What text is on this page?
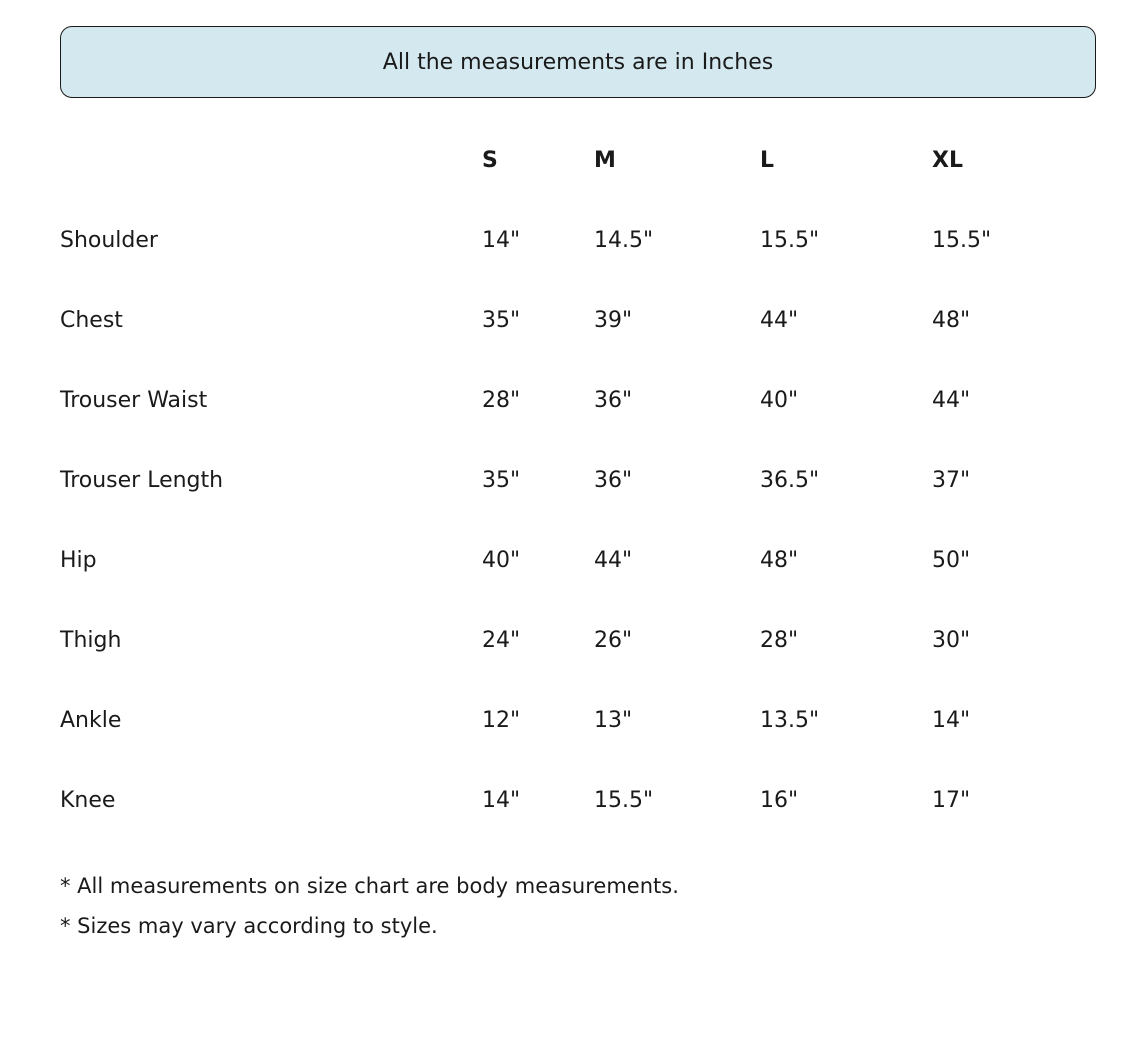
All the measurements are in Inches
	S	M	L	XL
Shoulder	14"	14.5"	15.5"	15.5"
Chest	35"	39"	44"	48"
Trouser Waist	28"	36"	40"	44"
Trouser Length	35"	36"	36.5"	37"
Hip	40"	44"	48"	50"
Thigh	24"	26"	28"	30"
Ankle	12"	13"	13.5"	14"
Knee	14"	15.5"	16"	17"

* All measurements on size chart are body measurements.

* Sizes may vary according to style.
